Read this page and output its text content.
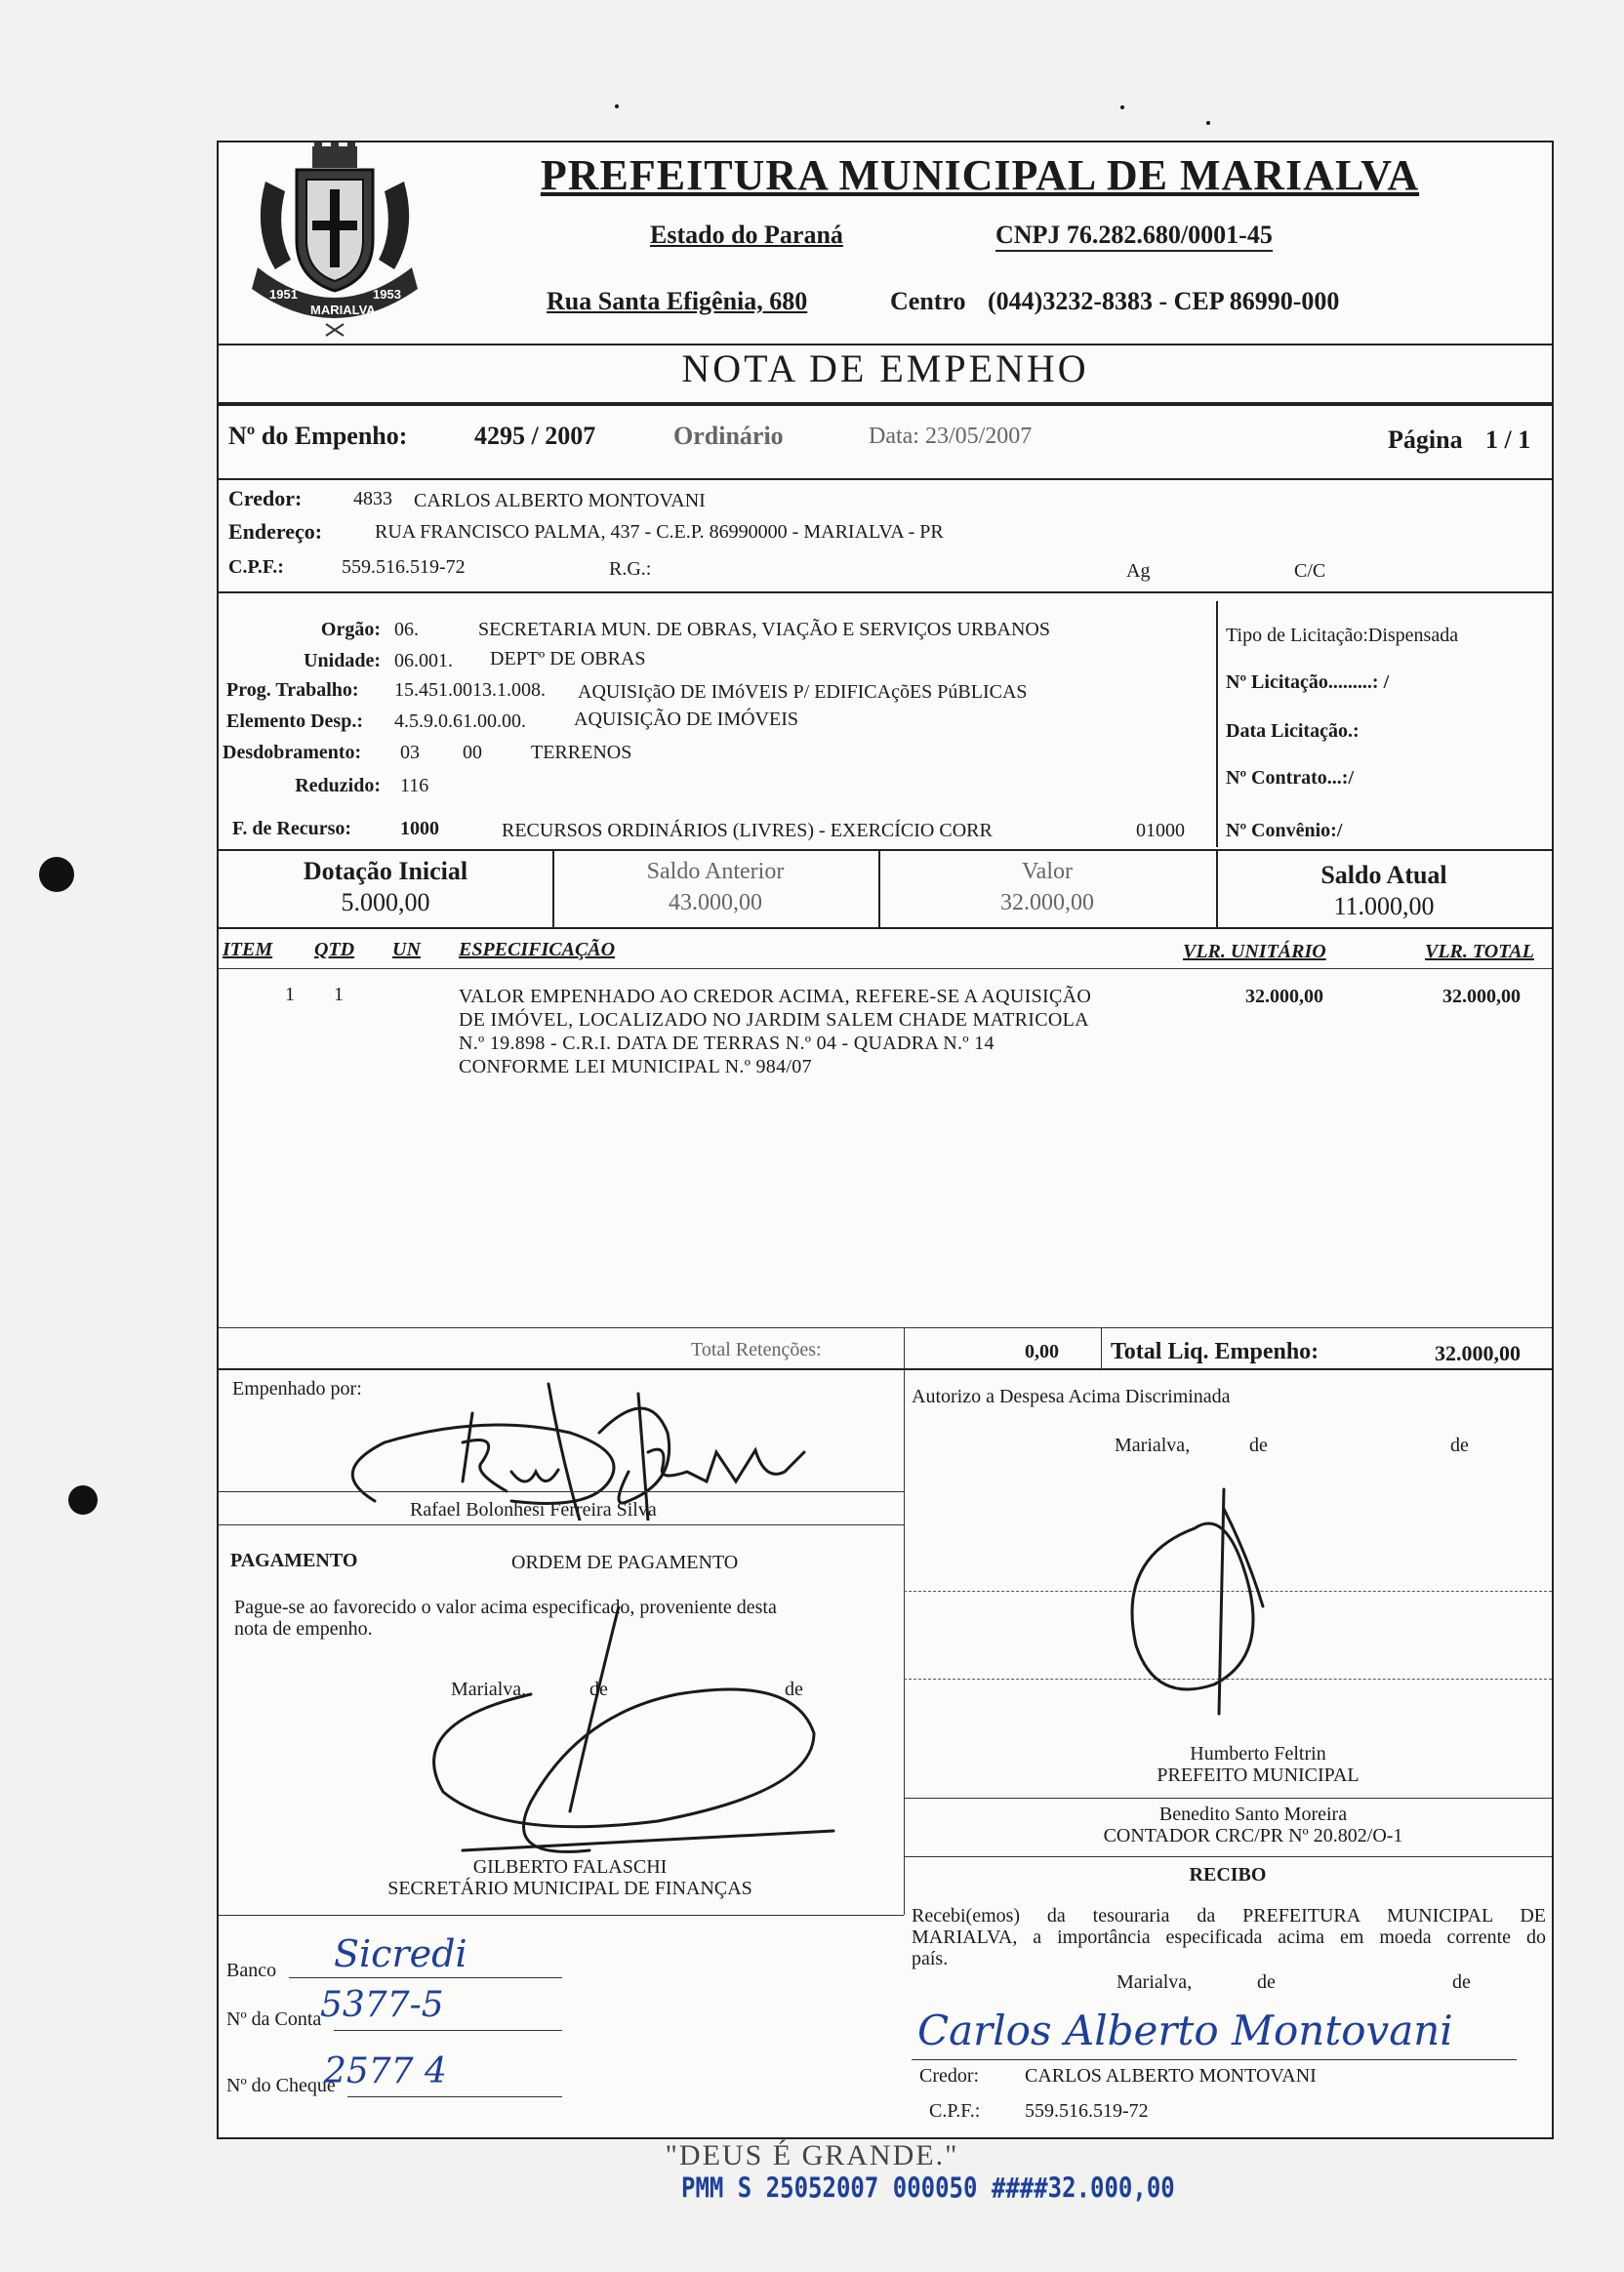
1951
MARIALVA
1953
PREFEITURA MUNICIPAL DE MARIALVA
Estado do Paraná	CNPJ 76.282.680/0001-45
Rua Santa Efigênia, 680	Centro (044)3232-8383 - CEP 86990-000
NOTA DE EMPENHO
Nº do Empenho:	4295 / 2007	Ordinário	Data: 23/05/2007	Página 1 / 1
Credor:	4833 CARLOS ALBERTO MONTOVANI
Endereço:	RUA FRANCISCO PALMA, 437 - C.E.P. 86990000 - MARIALVA - PR
C.P.F.:	559.516.519-72	R.G.:	Ag	C/C
Orgão: 06.	SECRETARIA MUN. DE OBRAS, VIAÇÃO E SERVIÇOS URBANOS
Unidade: 06.001. DEPTº DE OBRAS
Prog. Trabalho: 15.451.0013.1.008. AQUISIçãO DE IMóVEIS P/ EDIFICAçõES PúBLICAS
Elemento Desp.: 4.5.9.0.61.00.00. AQUISIÇÃO DE IMÓVEIS
Desdobramento: 03 00	TERRENOS
Reduzido: 116
F. de Recurso: 1000	RECURSOS ORDINÁRIOS (LIVRES) - EXERCÍCIO CORR	01000
Tipo de Licitação:Dispensada
Nº Licitação.........: /
Data Licitação.:
Nº Contrato...:/
Nº Convênio:/
Dotação Inicial
5.000,00
Saldo Anterior
43.000,00
Valor
32.000,00
Saldo Atual
11.000,00
ITEM QTD UN ESPECIFICAÇÃO	VLR. UNITÁRIO	VLR. TOTAL
1 1	VALOR EMPENHADO AO CREDOR ACIMA, REFERE-SE A AQUISIÇÃO
DE IMÓVEL, LOCALIZADO NO JARDIM SALEM CHADE MATRICOLA
N.º 19.898 - C.R.I. DATA DE TERRAS N.º 04 - QUADRA N.º 14
CONFORME LEI MUNICIPAL N.º 984/07
32.000,00	32.000,00
Total Retenções:	0,00 Total Liq. Empenho:	32.000,00
Empenhado por:
Rafael Bolonhesi Ferreira Silva
Autorizo a Despesa Acima Discriminada
Marialva,	de	de
Humberto Feltrin
PREFEITO MUNICIPAL
PAGAMENTO	ORDEM DE PAGAMENTO
Pague-se ao favorecido o valor acima especificado, proveniente desta
nota de empenho.
Marialva,	de	de
GILBERTO FALASCHI
SECRETÁRIO MUNICIPAL DE FINANÇAS
Benedito Santo Moreira
CONTADOR CRC/PR Nº 20.802/O-1
RECIBO
Recebi(emos) da tesouraria da PREFEITURA MUNICIPAL DE
MARIALVA, a importância especificada acima em moeda corrente do
país.
Marialva,	de	de
Carlos Alberto Montovani
Credor: CARLOS ALBERTO MONTOVANI
C.P.F.: 559.516.519-72
Banco Sicredi
Nº da Conta
5377-5
Nº do Cheque
2577 4
"DEUS É GRANDE."
PMM S 25052007 000050 ####32.000,00
